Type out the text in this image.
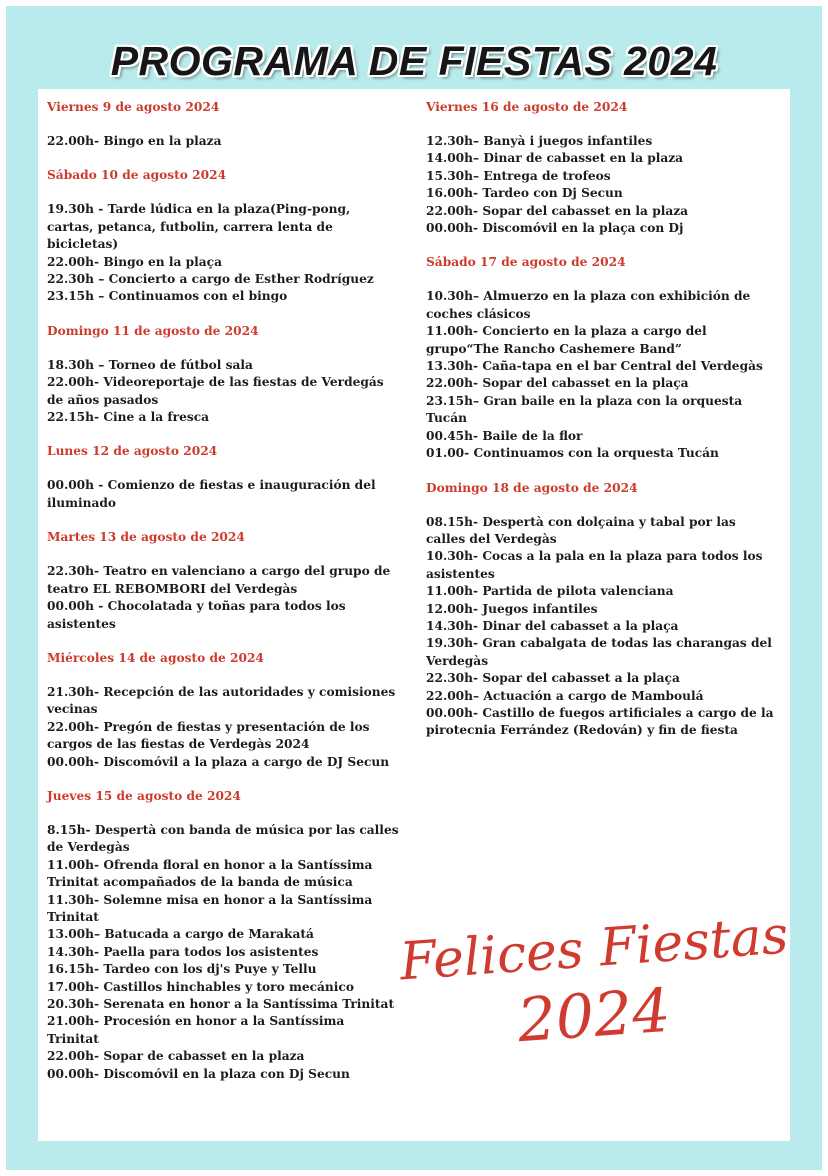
PROGRAMA DE FIESTAS 2024
Viernes 9 de agosto 2024
22.00h- Bingo en la plaza
Sábado 10 de agosto 2024
19.30h - Tarde lúdica en la plaza(Ping-pong, cartas, petanca, futbolin, carrera lenta de bicicletas)
22.00h- Bingo en la plaça
22.30h – Concierto a cargo de Esther Rodríguez
23.15h – Continuamos con el bingo
Domingo 11 de agosto de 2024
18.30h – Torneo de fútbol sala
22.00h- Videoreportaje de las fiestas de Verdegás de años pasados
22.15h- Cine a la fresca
Lunes 12 de agosto 2024
00.00h - Comienzo de fiestas e inauguración del iluminado
Martes 13 de agosto de 2024
22.30h- Teatro en valenciano a cargo del grupo de teatro EL REBOMBORI del Verdegàs
00.00h - Chocolatada y toñas para todos los asistentes
Miércoles 14 de agosto de 2024
21.30h- Recepción de las autoridades y comisiones vecinas
22.00h- Pregón de fiestas y presentación de los cargos de las fiestas de Verdegàs 2024
00.00h- Discomóvil a la plaza a cargo de DJ Secun
Jueves 15 de agosto de 2024
8.15h- Despertà con banda de música por las calles de Verdegàs
11.00h- Ofrenda floral en honor a la Santíssima Trinitat acompañados de la banda de música
11.30h- Solemne misa en honor a la Santíssima Trinitat
13.00h– Batucada a cargo de Marakatá
14.30h- Paella para todos los asistentes
16.15h- Tardeo con los dj's Puye y Tellu
17.00h- Castillos hinchables y toro mecánico
20.30h- Serenata en honor a la Santíssima Trinitat
21.00h- Procesión en honor a la Santíssima Trinitat
22.00h- Sopar de cabasset en la plaza
00.00h- Discomóvil en la plaza con Dj Secun
Viernes 16 de agosto de 2024
12.30h– Banyà i juegos infantiles
14.00h– Dinar de cabasset en la plaza
15.30h– Entrega de trofeos
16.00h- Tardeo con Dj Secun
22.00h- Sopar del cabasset en la plaza
00.00h- Discomóvil en la plaça con Dj
Sábado 17 de agosto de 2024
10.30h– Almuerzo en la plaza con exhibición de coches clásicos
11.00h- Concierto en la plaza a cargo del grupo“The Rancho Cashemere Band”
13.30h- Caña-tapa en el bar Central del Verdegàs
22.00h- Sopar del cabasset en la plaça
23.15h– Gran baile en la plaza con la orquesta Tucán
00.45h- Baile de la flor
01.00- Continuamos con la orquesta Tucán
Domingo 18 de agosto de 2024
08.15h- Despertà con dolçaina y tabal por las calles del Verdegàs
10.30h- Cocas a la pala en la plaza para todos los asistentes
11.00h- Partida de pilota valenciana
12.00h- Juegos infantiles
14.30h- Dinar del cabasset a la plaça
19.30h- Gran cabalgata de todas las charangas del Verdegàs
22.30h- Sopar del cabasset a la plaça
22.00h– Actuación a cargo de Mamboulá
00.00h- Castillo de fuegos artificiales a cargo de la pirotecnia Ferrández (Redován) y fin de fiesta
Felices Fiestas
2024
